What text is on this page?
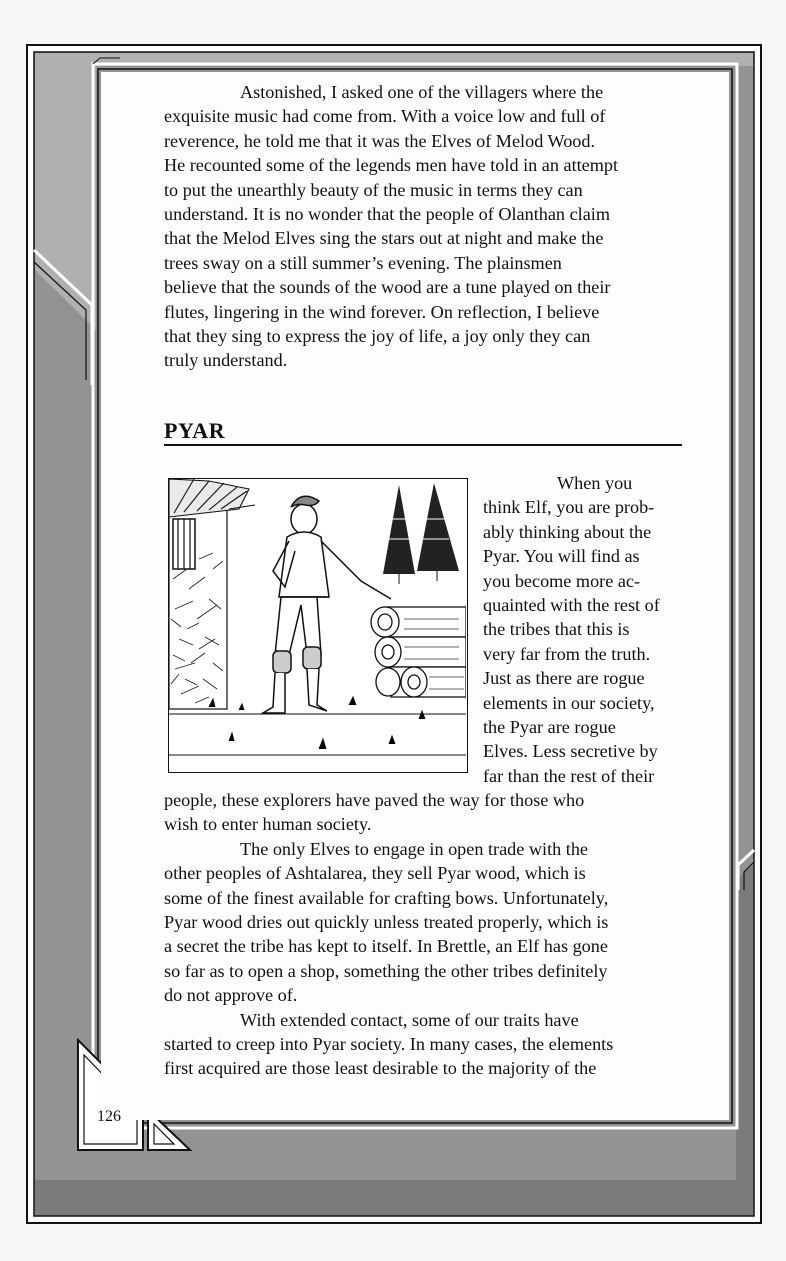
Astonished, I asked one of the villagers where the

exquisite music had come from. With a voice low and full of

reverence, he told me that it was the Elves of Melod Wood.

He recounted some of the legends men have told in an attempt

to put the unearthly beauty of the music in terms they can

understand. It is no wonder that the people of Olanthan claim

that the Melod Elves sing the stars out at night and make the

trees sway on a still summer’s evening. The plainsmen

believe that the sounds of the wood are a tune played on their

flutes, lingering in the wind forever. On reflection, I believe

that they sing to express the joy of life, a joy only they can

truly understand.

PYAR

When you

think Elf, you are prob-

ably thinking about the

Pyar. You will find as

you become more ac-

quainted with the rest of

the tribes that this is

very far from the truth.

Just as there are rogue

elements in our society,

the Pyar are rogue

Elves. Less secretive by

far than the rest of their

people, these explorers have paved the way for those who

wish to enter human society.

The only Elves to engage in open trade with the

other peoples of Ashtalarea, they sell Pyar wood, which is

some of the finest available for crafting bows. Unfortunately,

Pyar wood dries out quickly unless treated properly, which is

a secret the tribe has kept to itself. In Brettle, an Elf has gone

so far as to open a shop, something the other tribes definitely

do not approve of.

With extended contact, some of our traits have

started to creep into Pyar society. In many cases, the elements

first acquired are those least desirable to the majority of the

126
